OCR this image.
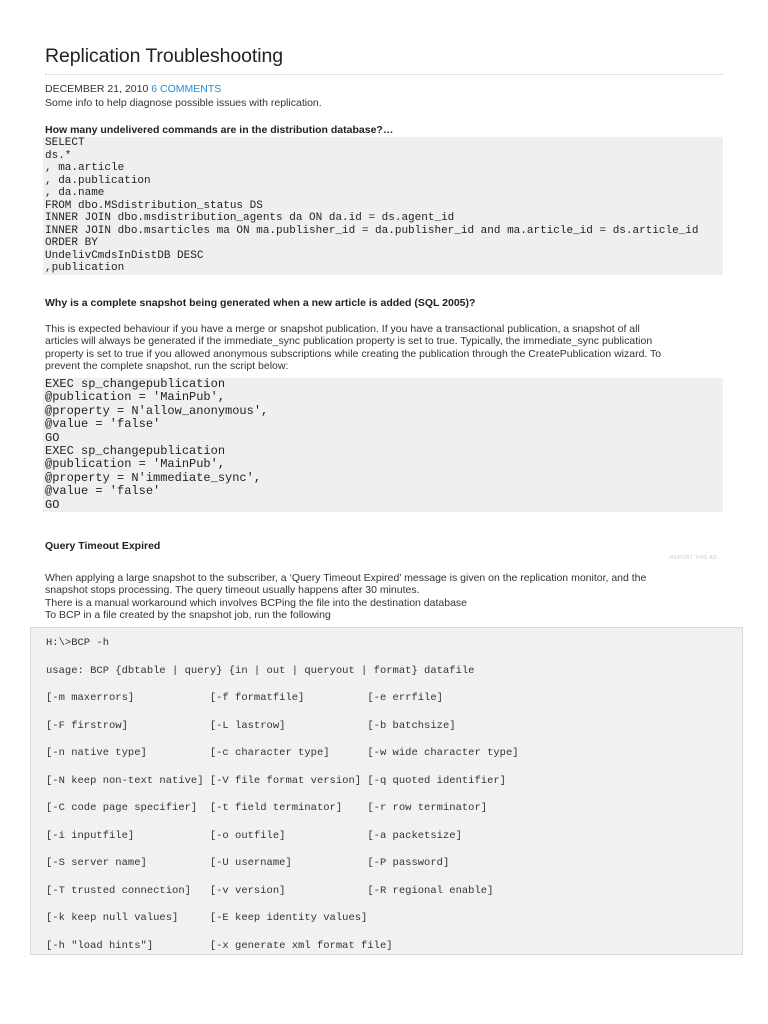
Replication Troubleshooting
DECEMBER 21, 2010 6 COMMENTS
Some info to help diagnose possible issues with replication.
How many undelivered commands are in the distribution database?…
SELECT
ds.*
, ma.article
, da.publication
, da.name
FROM dbo.MSdistribution_status DS
INNER JOIN dbo.msdistribution_agents da ON da.id = ds.agent_id
INNER JOIN dbo.msarticles ma ON ma.publisher_id = da.publisher_id and ma.article_id = ds.article_id
ORDER BY
UndelivCmdsInDistDB DESC
,publication
Why is a complete snapshot being generated when a new article is added (SQL 2005)?
This is expected behaviour if you have a merge or snapshot publication. If you have a transactional publication, a snapshot of all
articles will always be generated if the immediate_sync publication property is set to true. Typically, the immediate_sync publication
property is set to true if you allowed anonymous subscriptions while creating the publication through the CreatePublication wizard. To
prevent the complete snapshot, run the script below:
EXEC sp_changepublication
@publication = 'MainPub',
@property = N'allow_anonymous',
@value = 'false'
GO
EXEC sp_changepublication
@publication = 'MainPub',
@property = N'immediate_sync',
@value = 'false'
GO
Query Timeout Expired
REPORT THIS AD
When applying a large snapshot to the subscriber, a ‘Query Timeout Expired’ message is given on the replication monitor, and the
snapshot stops processing. The query timeout usually happens after 30 minutes.
There is a manual workaround which involves BCPing the file into the destination database
To BCP in a file created by the snapshot job, run the following
H:\>BCP -h
usage: BCP {dbtable | query} {in | out | queryout | format} datafile
[-m maxerrors]            [-f formatfile]          [-e errfile]
[-F firstrow]             [-L lastrow]             [-b batchsize]
[-n native type]          [-c character type]      [-w wide character type]
[-N keep non-text native] [-V file format version] [-q quoted identifier]
[-C code page specifier]  [-t field terminator]    [-r row terminator]
[-i inputfile]            [-o outfile]             [-a packetsize]
[-S server name]          [-U username]            [-P password]
[-T trusted connection]   [-v version]             [-R regional enable]
[-k keep null values]     [-E keep identity values]
[-h "load hints"]         [-x generate xml format file]
